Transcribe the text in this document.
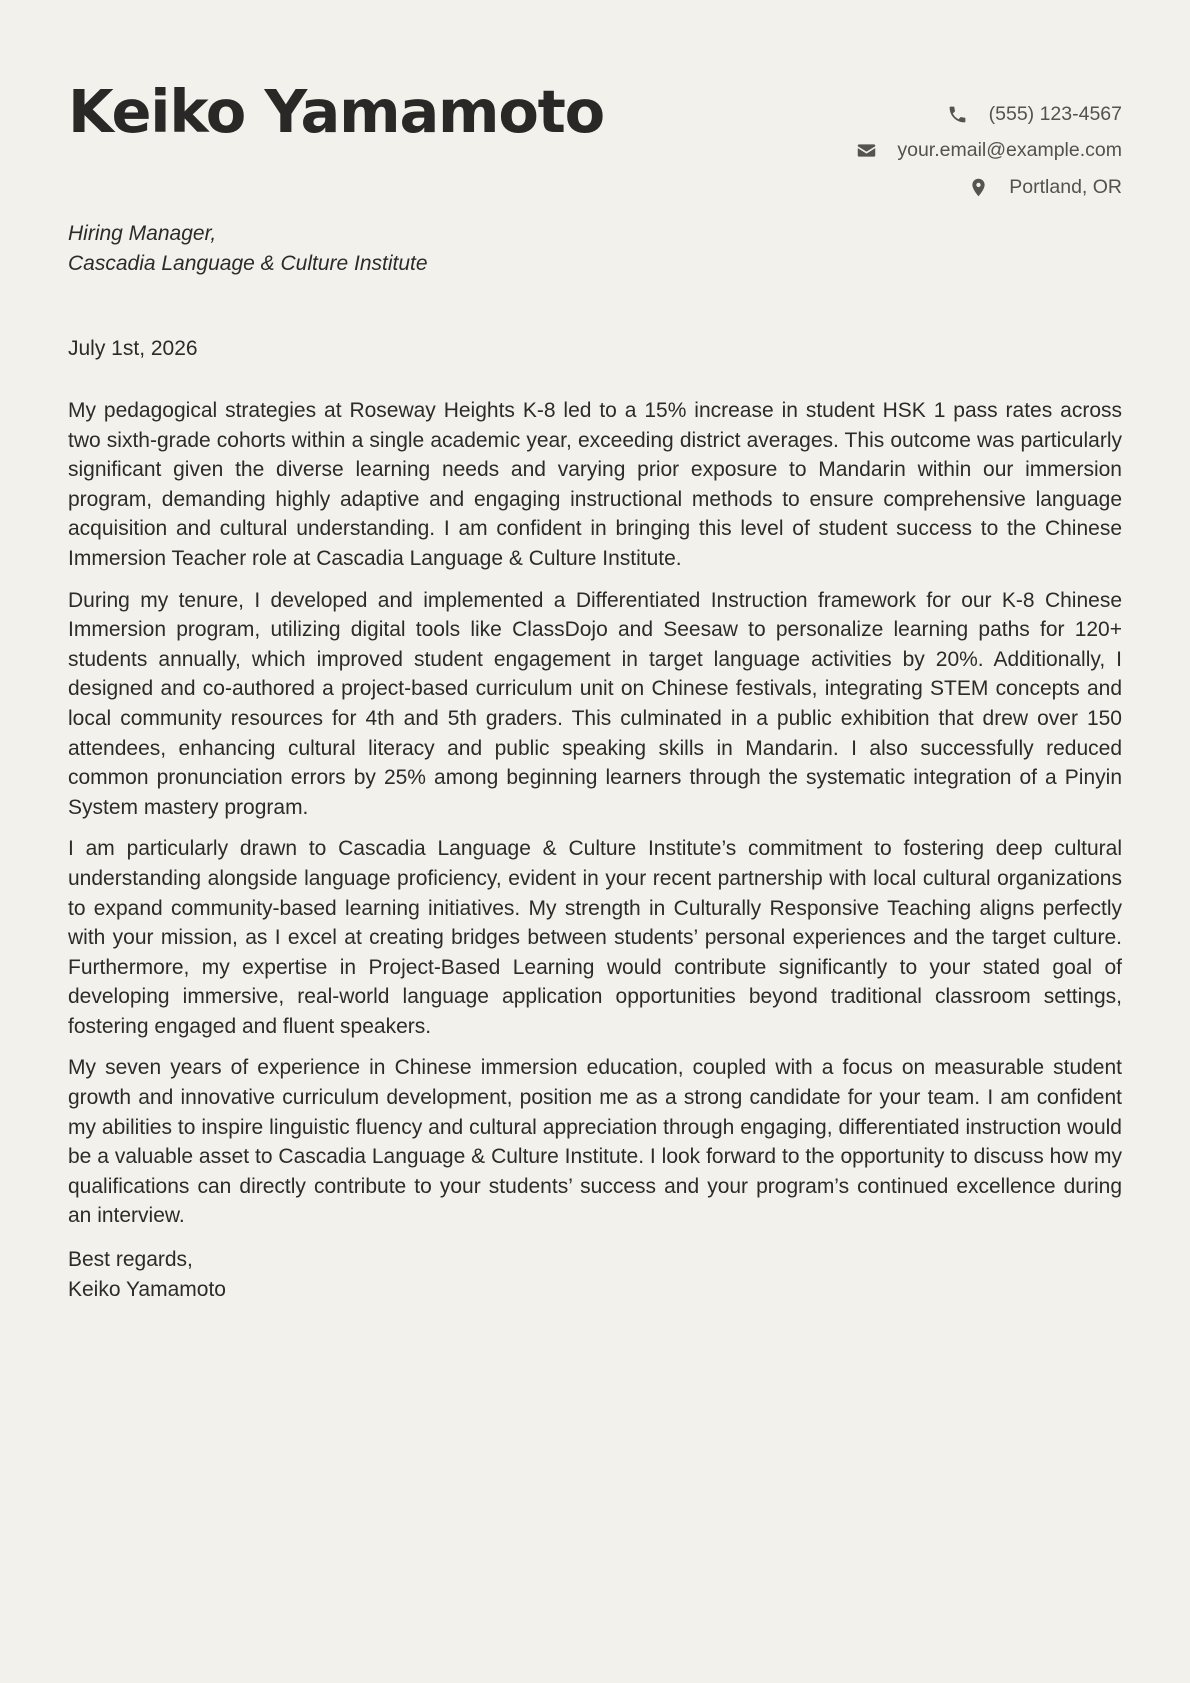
Keiko Yamamoto	(555) 123-4567
your.email@example.com
Portland, OR
Hiring Manager,
Cascadia Language & Culture Institute
July 1st, 2026

My pedagogical strategies at Roseway Heights K-8 led to a 15% increase in student HSK 1 pass rates across two sixth-grade cohorts within a single academic year, exceeding district averages. This outcome was particularly significant given the diverse learning needs and varying prior exposure to Mandarin within our immersion program, demanding highly adaptive and engaging instructional methods to ensure comprehensive language acquisition and cultural understanding. I am confident in bringing this level of student success to the Chinese Immersion Teacher role at Cascadia Language & Culture Institute.

During my tenure, I developed and implemented a Differentiated Instruction framework for our K-8 Chinese Immersion program, utilizing digital tools like ClassDojo and Seesaw to personalize learning paths for 120+ students annually, which improved student engagement in target language activities by 20%. Additionally, I designed and co-authored a project-based curriculum unit on Chinese festivals, integrating STEM concepts and local community resources for 4th and 5th graders. This culminated in a public exhibition that drew over 150 attendees, enhancing cultural literacy and public speaking skills in Mandarin. I also successfully reduced common pronunciation errors by 25% among beginning learners through the systematic integration of a Pinyin System mastery program.

I am particularly drawn to Cascadia Language & Culture Institute’s commitment to fostering deep cultural understanding alongside language proficiency, evident in your recent partnership with local cultural organizations to expand community-based learning initiatives. My strength in Culturally Responsive Teaching aligns perfectly with your mission, as I excel at creating bridges between students’ personal experiences and the target culture. Furthermore, my expertise in Project-Based Learning would contribute significantly to your stated goal of developing immersive, real-world language application opportunities beyond traditional classroom settings, fostering engaged and fluent speakers.

My seven years of experience in Chinese immersion education, coupled with a focus on measurable student growth and innovative curriculum development, position me as a strong candidate for your team. I am confident my abilities to inspire linguistic fluency and cultural appreciation through engaging, differentiated instruction would be a valuable asset to Cascadia Language & Culture Institute. I look forward to the opportunity to discuss how my qualifications can directly contribute to your students’ success and your program’s continued excellence during an interview.

Best regards,
Keiko Yamamoto
